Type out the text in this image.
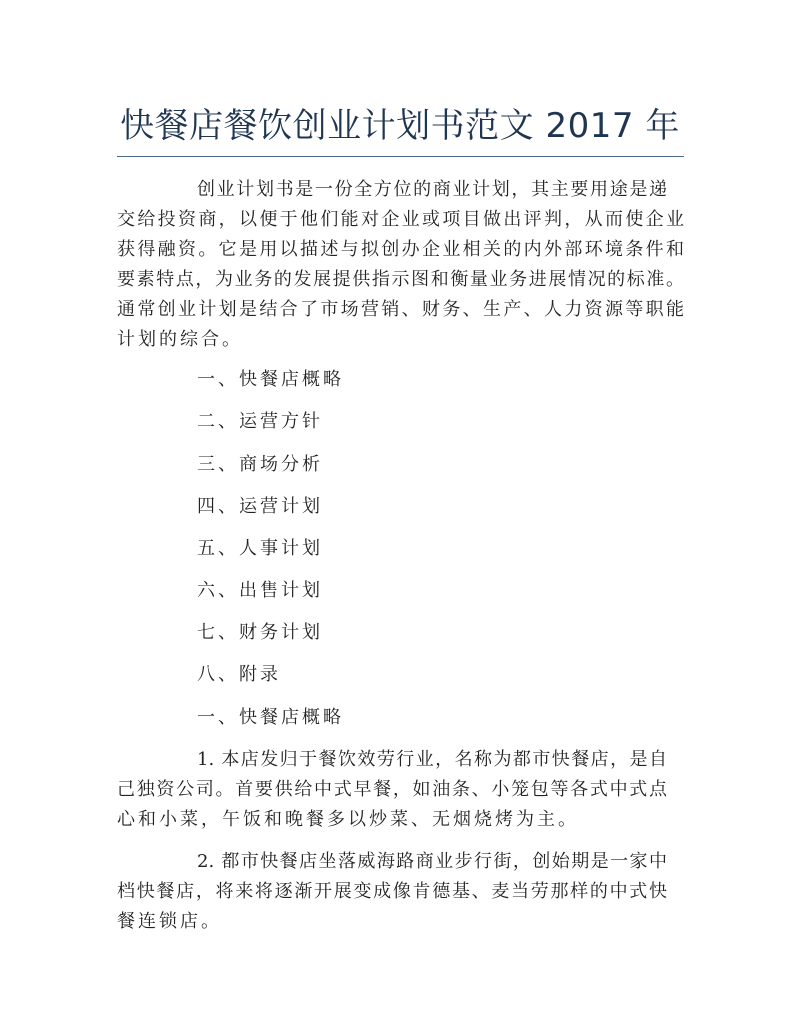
快餐店餐饮创业计划书范文 2017 年
创业计划书是一份全方位的商业计划，其主要用途是递
交给投资商，以便于他们能对企业或项目做出评判，从而使企业
获得融资。它是用以描述与拟创办企业相关的内外部环境条件和
要素特点，为业务的发展提供指示图和衡量业务进展情况的标准。
通常创业计划是结合了市场营销、财务、生产、人力资源等职能
计划的综合。
一、快餐店概略
二、运营方针
三、商场分析
四、运营计划
五、人事计划
六、出售计划
七、财务计划
八、附录
一、快餐店概略
1. 本店发归于餐饮效劳行业，名称为都市快餐店，是自
己独资公司。首要供给中式早餐，如油条、小笼包等各式中式点
心和小菜，午饭和晚餐多以炒菜、无烟烧烤为主。
2. 都市快餐店坐落威海路商业步行街，创始期是一家中
档快餐店，将来将逐渐开展变成像肯德基、麦当劳那样的中式快
餐连锁店。
